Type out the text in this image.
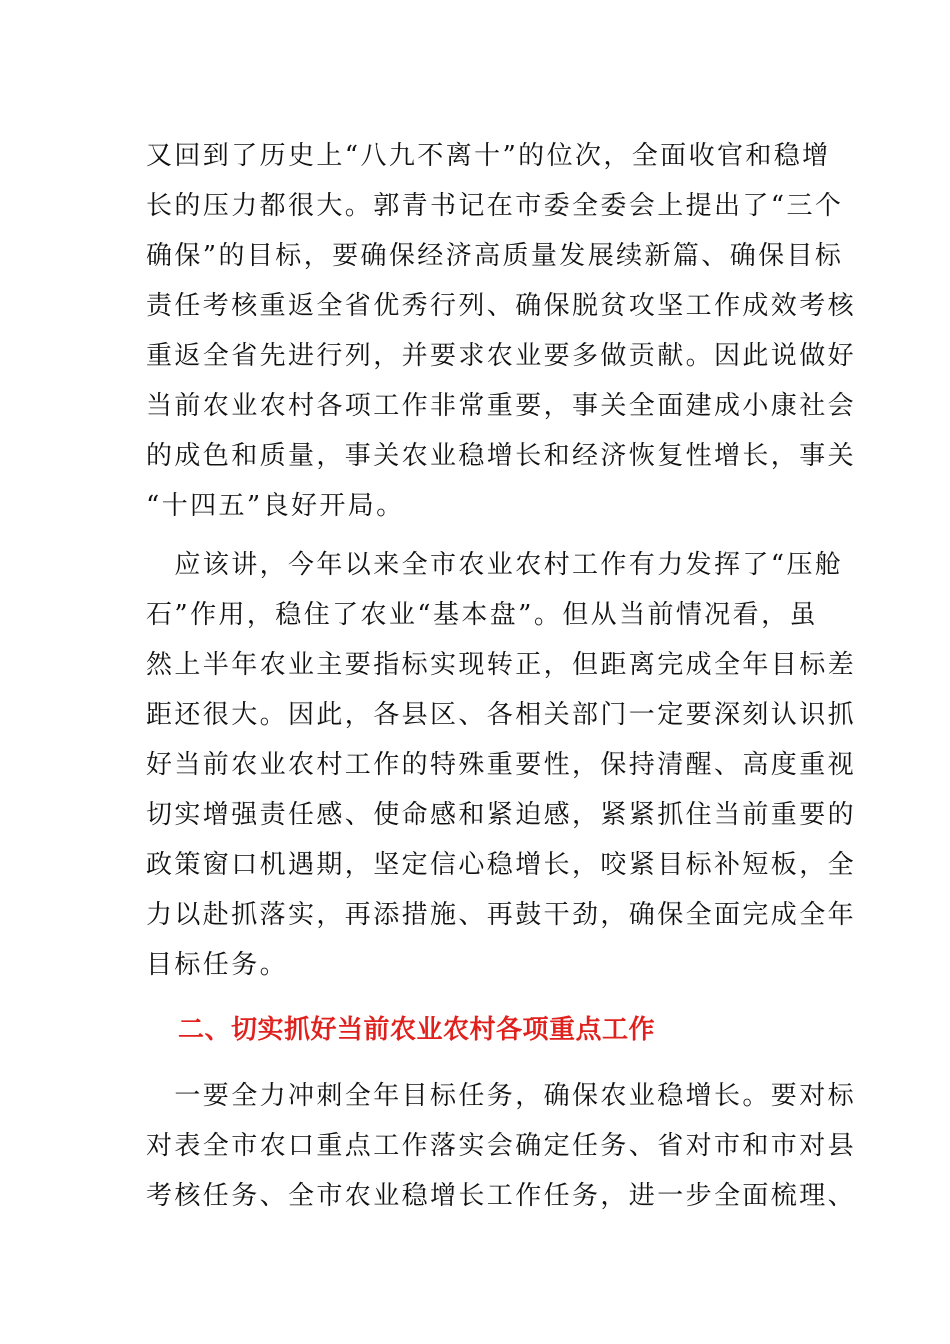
又回到了历史上“八九不离十”的位次，全面收官和稳增
长的压力都很大。郭青书记在市委全委会上提出了“三个
确保”的目标，要确保经济高质量发展续新篇、确保目标
责任考核重返全省优秀行列、确保脱贫攻坚工作成效考核
重返全省先进行列，并要求农业要多做贡献。因此说做好
当前农业农村各项工作非常重要，事关全面建成小康社会
的成色和质量，事关农业稳增长和经济恢复性增长，事关
“十四五”良好开局。
　应该讲，今年以来全市农业农村工作有力发挥了“压舱
石”作用，稳住了农业“基本盘”。但从当前情况看，虽
然上半年农业主要指标实现转正，但距离完成全年目标差
距还很大。因此，各县区、各相关部门一定要深刻认识抓
好当前农业农村工作的特殊重要性，保持清醒、高度重视
切实增强责任感、使命感和紧迫感，紧紧抓住当前重要的
政策窗口机遇期，坚定信心稳增长，咬紧目标补短板，全
力以赴抓落实，再添措施、再鼓干劲，确保全面完成全年
目标任务。
二、切实抓好当前农业农村各项重点工作
　一要全力冲刺全年目标任务，确保农业稳增长。要对标
对表全市农口重点工作落实会确定任务、省对市和市对县
考核任务、全市农业稳增长工作任务，进一步全面梳理、
